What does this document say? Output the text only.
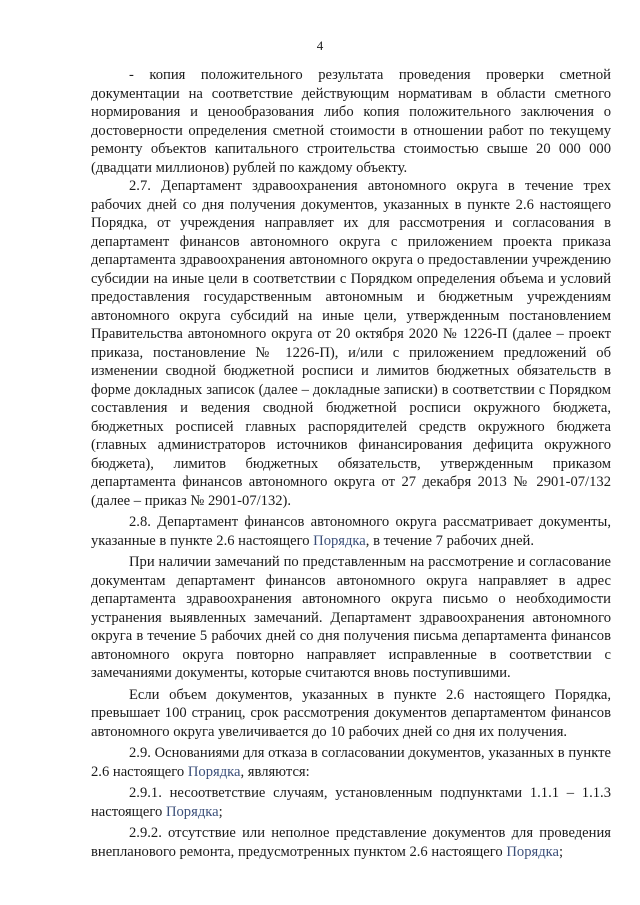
4

- копия положительного результата проведения проверки сметной документации на соответствие действующим нормативам в области сметного нормирования и ценообразования либо копия положительного заключения о достоверности определения сметной стоимости в отношении работ по текущему ремонту объектов капитального строительства стоимостью свыше 20 000 000 (двадцати миллионов) рублей по каждому объекту.

2.7. Департамент здравоохранения автономного округа в течение трех рабочих дней со дня получения документов, указанных в пункте 2.6 настоящего Порядка, от учреждения направляет их для рассмотрения и согласования в департамент финансов автономного округа с приложением проекта приказа департамента здравоохранения автономного округа о предоставлении учреждению субсидии на иные цели в соответствии с Порядком определения объема и условий предоставления государственным автономным и бюджетным учреждениям автономного округа субсидий на иные цели, утвержденным постановлением Правительства автономного округа от 20 октября 2020 № 1226-П (далее – проект приказа, постановление № 1226-П), и/или с приложением предложений об изменении сводной бюджетной росписи и лимитов бюджетных обязательств в форме докладных записок (далее – докладные записки) в соответствии с Порядком составления и ведения сводной бюджетной росписи окружного бюджета, бюджетных росписей главных распорядителей средств окружного бюджета (главных администраторов источников финансирования дефицита окружного бюджета), лимитов бюджетных обязательств, утвержденным приказом департамента финансов автономного округа от 27 декабря 2013 № 2901-07/132 (далее – приказ № 2901-07/132).

2.8. Департамент финансов автономного округа рассматривает документы, указанные в пункте 2.6 настоящего Порядка, в течение 7 рабочих дней.

При наличии замечаний по представленным на рассмотрение и согласование документам департамент финансов автономного округа направляет в адрес департамента здравоохранения автономного округа письмо о необходимости устранения выявленных замечаний. Департамент здравоохранения автономного округа в течение 5 рабочих дней со дня получения письма департамента финансов автономного округа повторно направляет исправленные в соответствии с замечаниями документы, которые считаются вновь поступившими.

Если объем документов, указанных в пункте 2.6 настоящего Порядка, превышает 100 страниц, срок рассмотрения документов департаментом финансов автономного округа увеличивается до 10 рабочих дней со дня их получения.

2.9. Основаниями для отказа в согласовании документов, указанных в пункте 2.6 настоящего Порядка, являются:

2.9.1. несоответствие случаям, установленным подпунктами 1.1.1 – 1.1.3 настоящего Порядка;

2.9.2. отсутствие или неполное представление документов для проведения внепланового ремонта, предусмотренных пунктом 2.6 настоящего Порядка;
